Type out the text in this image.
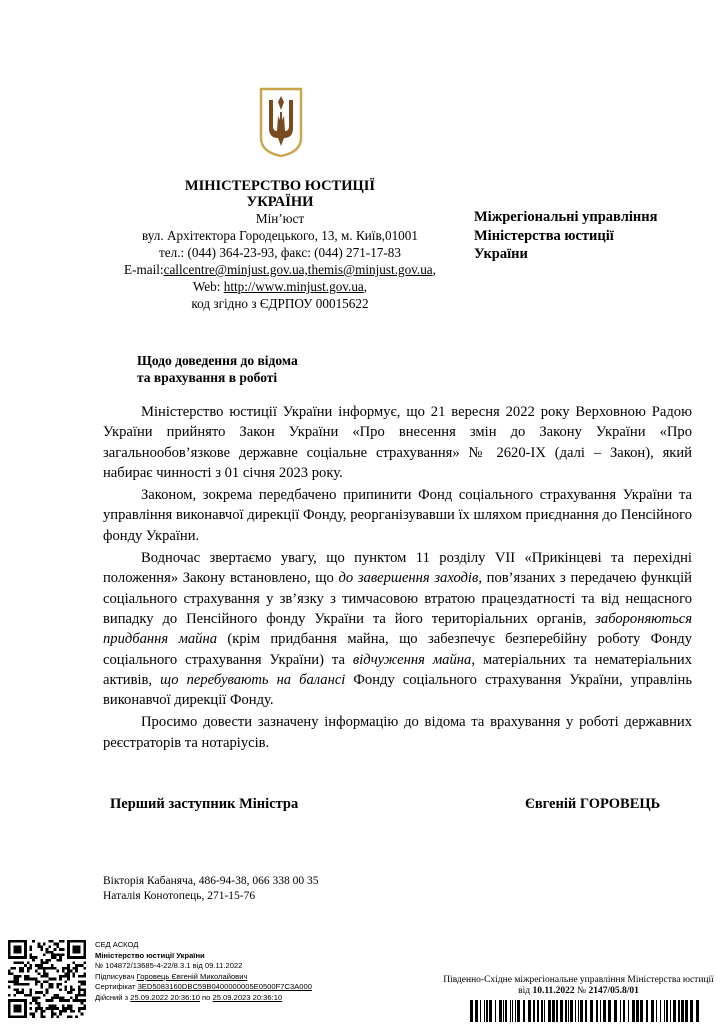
МІНІСТЕРСТВО ЮСТИЦІЇ
УКРАЇНИ
Мін’юст
вул. Архітектора Городецького, 13, м. Київ,01001
тел.: (044) 364-23-93, факс: (044) 271-17-83
E-mail:callcentre@minjust.gov.ua,themis@minjust.gov.ua,
Web: http://www.minjust.gov.ua,
код згідно з ЄДРПОУ 00015622
Міжрегіональні управління
Міністерства юстиції
України
Щодо доведення до відома
та врахування в роботі

Міністерство юстиції України інформує, що 21 вересня 2022 року Верховною Радою України прийнято Закон України «Про внесення змін до Закону України «Про загальнообов’язкове державне соціальне страхування» № 2620-IX (далі – Закон), який набирає чинності з 01 січня 2023 року.

Законом, зокрема передбачено припинити Фонд соціального страхування України та управління виконавчої дирекції Фонду, реорганізувавши їх шляхом приєднання до Пенсійного фонду України.

Водночас звертаємо увагу, що пунктом 11 розділу VII «Прикінцеві та перехідні положення» Закону встановлено, що до завершення заходів, пов’язаних з передачею функцій соціального страхування у зв’язку з тимчасовою втратою працездатності та від нещасного випадку до Пенсійного фонду України та його територіальних органів, забороняються придбання майна (крім придбання майна, що забезпечує безперебійну роботу Фонду соціального страхування України) та відчуження майна, матеріальних та нематеріальних активів, що перебувають на балансі Фонду соціального страхування України, управлінь виконавчої дирекції Фонду.

Просимо довести зазначену інформацію до відома та врахування у роботі державних реєстраторів та нотаріусів.

Перший заступник Міністра	Євгеній ГОРОВЕЦЬ
Вікторія Кабаняча, 486-94-38, 066 338 00 35
Наталія Конотопець, 271-15-76
СЕД АСКОД
Міністерство юстиції України
№ 104872/13685-4-22/8.3.1 від 09.11.2022
Підписувач Горовець Євгеній Миколайович
Сертифікат 3ED5083160DBC59B0400000005E0500F7C3A000
Дійсний з 25.09.2022 20:36:10 по 25.09.2023 20:36:10
Південно-Східне міжрегіональне управління Міністерства юстиції
від 10.11.2022 № 2147/05.8/01
